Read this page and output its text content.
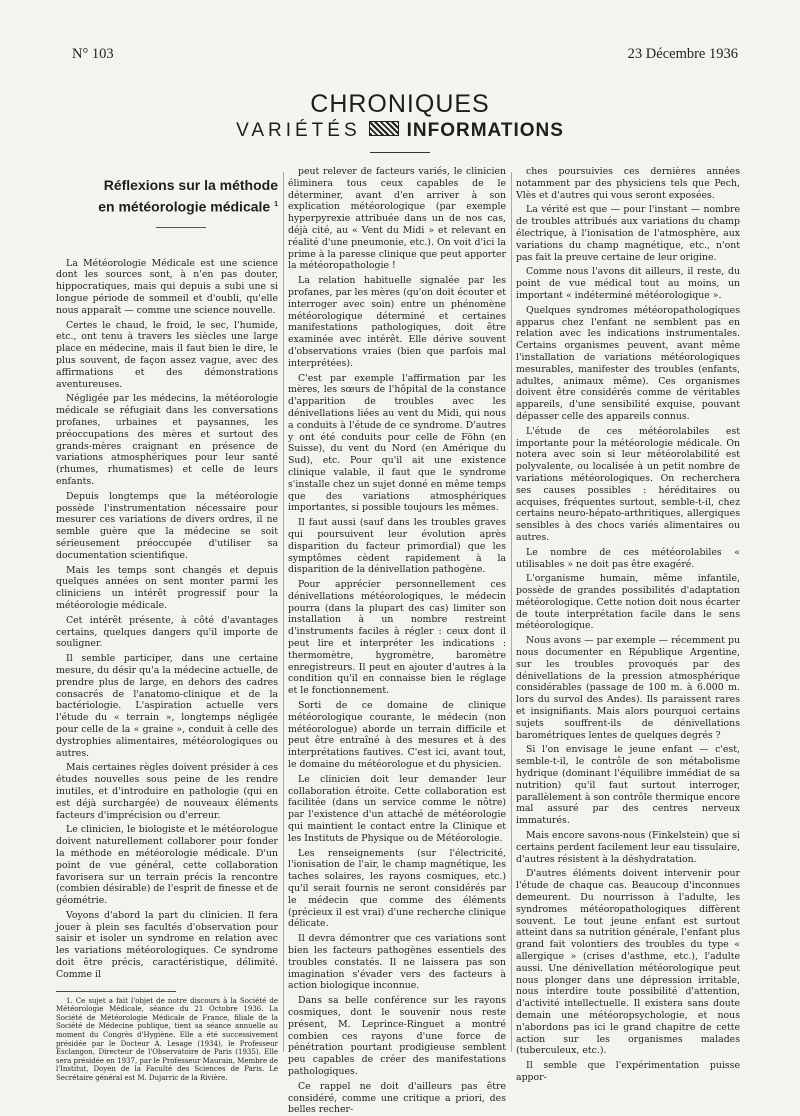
N° 103	23 Décembre 1936
CHRONIQUES
VARIÉTÉS INFORMATIONS
Réflexions sur la méthode
en météorologie médicale $^1$

La Météorologie Médicale est une science dont les sources sont, à n'en pas douter, hippocratiques, mais qui depuis a subi une si longue période de sommeil et d'oubli, qu'elle nous apparaît — comme une science nouvelle.

Certes le chaud, le froid, le sec, l'humide, etc., ont tenu à travers les siècles une large place en médecine, mais il faut bien le dire, le plus souvent, de façon assez vague, avec des affirmations et des démonstrations aventureuses.

Négligée par les médecins, la météorologie médicale se réfugiait dans les conversations profanes, urbaines et paysannes, les préoccupations des mères et surtout des grands-mères craignant en présence de variations atmosphériques pour leur santé (rhumes, rhumatismes) et celle de leurs enfants.

Depuis longtemps que la météorologie possède l'instrumentation nécessaire pour mesurer ces variations de divers ordres, il ne semble guère que la médecine se soit sérieusement préoccupée d'utiliser sa documentation scientifique.

Mais les temps sont changés et depuis quelques années on sent monter parmi les cliniciens un intérêt progressif pour la météorologie médicale.

Cet intérêt présente, à côté d'avantages certains, quelques dangers qu'il importe de souligner.

Il semble participer, dans une certaine mesure, du désir qu'a la médecine actuelle, de prendre plus de large, en dehors des cadres consacrés de l'anatomo-clinique et de la bactériologie. L'aspiration actuelle vers l'étude du « terrain », longtemps négligée pour celle de la « graine », conduit à celle des dystrophies alimentaires, météorologiques ou autres.

Mais certaines règles doivent présider à ces études nouvelles sous peine de les rendre inutiles, et d'introduire en pathologie (qui en est déjà surchargée) de nouveaux éléments facteurs d'imprécision ou d'erreur.

Le clinicien, le biologiste et le météorologue doivent naturellement collaborer pour fonder la méthode en météorologie médicale. D'un point de vue général, cette collaboration favorisera sur un terrain précis la rencontre (combien désirable) de l'esprit de finesse et de géométrie.

Voyons d'abord la part du clinicien. Il fera jouer à plein ses facultés d'observation pour saisir et isoler un syndrome en relation avec les variations météorologiques. Ce syndrome doit être précis, caractéristique, délimité. Comme il

1. Ce sujet a fait l'objet de notre discours à la Société de Météorologie Médicale, séance du 21 Octobre 1936. La Société de Météorologie Médicale de France, filiale de la Société de Médecine publique, tient sa séance annuelle au moment du Congrès d'Hygiène. Elle a été successivement présidée par le Docteur A. Lesage (1934), le Professeur Esclangon, Directeur de l'Observatoire de Paris (1935). Elle sera présidée en 1937, par le Professeur Maurain, Membre de l'Institut, Doyen de la Faculté des Sciences de Paris. Le Secrétaire général est M. Dujarric de la Rivière.

peut relever de facteurs variés, le clinicien éliminera tous ceux capables de le déterminer, avant d'en arriver à son explication météorologique (par exemple hyperpyrexie attribuée dans un de nos cas, déjà cité, au « Vent du Midi » et relevant en réalité d'une pneumonie, etc.). On voit d'ici la prime à la paresse clinique que peut apporter la météoropathologie !

La relation habituelle signalée par les profanes, par les mères (qu'on doit écouter et interroger avec soin) entre un phénomène météorologique déterminé et certaines manifestations pathologiques, doit être examinée avec intérêt. Elle dérive souvent d'observations vraies (bien que parfois mal interprétées).

C'est par exemple l'affirmation par les mères, les sœurs de l'hôpital de la constance d'apparition de troubles avec les dénivellations liées au vent du Midi, qui nous a conduits à l'étude de ce syndrome. D'autres y ont été conduits pour celle de Föhn (en Suisse), du vent du Nord (en Amérique du Sud), etc. Pour qu'il ait une existence clinique valable, il faut que le syndrome s'installe chez un sujet donné en même temps que des variations atmosphériques importantes, si possible toujours les mêmes.

Il faut aussi (sauf dans les troubles graves qui poursuivent leur évolution après disparition du facteur primordial) que les symptômes cèdent rapidement à la disparition de la dénivellation pathogène.

Pour apprécier personnellement ces dénivellations météorologiques, le médecin pourra (dans la plupart des cas) limiter son installation à un nombre restreint d'instruments faciles à régler : ceux dont il peut lire et interpréter les indications : thermomètre, hygromètre, baromètre enregistreurs. Il peut en ajouter d'autres à la condition qu'il en connaisse bien le réglage et le fonctionnement.

Sorti de ce domaine de clinique météorologique courante, le médecin (non météorologue) aborde un terrain difficile et peut être entraîné à des mesures et à des interprétations fautives. C'est ici, avant tout, le domaine du météorologue et du physicien.

Le clinicien doit leur demander leur collaboration étroite. Cette collaboration est facilitée (dans un service comme le nôtre) par l'existence d'un attaché de météorologie qui maintient le contact entre la Clinique et les Instituts de Physique ou de Météorologie.

Les renseignements (sur l'électricité, l'ionisation de l'air, le champ magnétique, les taches solaires, les rayons cosmiques, etc.) qu'il serait fournis ne seront considérés par le médecin que comme des éléments (précieux il est vrai) d'une recherche clinique délicate.

Il devra démontrer que ces variations sont bien les facteurs pathogènes essentiels des troubles constatés. Il ne laissera pas son imagination s'évader vers des facteurs à action biologique inconnue.

Dans sa belle conférence sur les rayons cosmiques, dont le souvenir nous reste présent, M. Leprince-Ringuet a montré combien ces rayons d'une force de pénétration pourtant prodigieuse semblent peu capables de créer des manifestations pathologiques.

Ce rappel ne doit d'ailleurs pas être considéré, comme une critique a priori, des belles recher-

ches poursuivies ces dernières années notamment par des physiciens tels que Pech, Vlès et d'autres qui vous seront exposées.

La vérité est que — pour l'instant — nombre de troubles attribués aux variations du champ électrique, à l'ionisation de l'atmosphère, aux variations du champ magnétique, etc., n'ont pas fait la preuve certaine de leur origine.

Comme nous l'avons dit ailleurs, il reste, du point de vue médical tout au moins, un important « indéterminé météorologique ».

Quelques syndromes météoropathologiques apparus chez l'enfant ne semblent pas en relation avec les indications instrumentales. Certains organismes peuvent, avant même l'installation de variations météorologiques mesurables, manifester des troubles (enfants, adultes, animaux même). Ces organismes doivent être considérés comme de véritables appareils, d'une sensibilité exquise, pouvant dépasser celle des appareils connus.

L'étude de ces météorolabiles est importante pour la météorologie médicale. On notera avec soin si leur météorolabilité est polyvalente, ou localisée à un petit nombre de variations météorologiques. On recherchera ses causes possibles : héréditaires ou acquises, fréquentes surtout, semble-t-il, chez certains neuro-hépato-arthritiques, allergiques sensibles à des chocs variés alimentaires ou autres.

Le nombre de ces météorolabiles « utilisables » ne doit pas être exagéré.

L'organisme humain, même infantile, possède de grandes possibilités d'adaptation météorologique. Cette notion doit nous écarter de toute interprétation facile dans le sens météorologique.

Nous avons — par exemple — récemment pu nous documenter en République Argentine, sur les troubles provoqués par des dénivellations de la pression atmosphérique considérables (passage de 100 m. à 6.000 m. lors du survol des Andes). Ils paraissent rares et insignifiants. Mais alors pourquoi certains sujets souffrent-ils de dénivellations barométriques lentes de quelques degrés ?

Si l'on envisage le jeune enfant — c'est, semble-t-il, le contrôle de son métabolisme hydrique (dominant l'équilibre immédiat de sa nutrition) qu'il faut surtout interroger, parallèlement à son contrôle thermique encore mal assuré par des centres nerveux immaturés.

Mais encore savons-nous (Finkelstein) que si certains perdent facilement leur eau tissulaire, d'autres résistent à la déshydratation.

D'autres éléments doivent intervenir pour l'étude de chaque cas. Beaucoup d'inconnues demeurent. Du nourrisson à l'adulte, les syndromes météoropathologiques diffèrent souvent. Le tout jeune enfant est surtout atteint dans sa nutrition générale, l'enfant plus grand fait volontiers des troubles du type « allergique » (crises d'asthme, etc.), l'adulte aussi. Une dénivellation météorologique peut nous plonger dans une dépression irritable, nous interdire toute possibilité d'attention, d'activité intellectuelle. Il existera sans doute demain une météoropsychologie, et nous n'abordons pas ici le grand chapitre de cette action sur les organismes malades (tuberculeux, etc.).

Il semble que l'expérimentation puisse appor-
